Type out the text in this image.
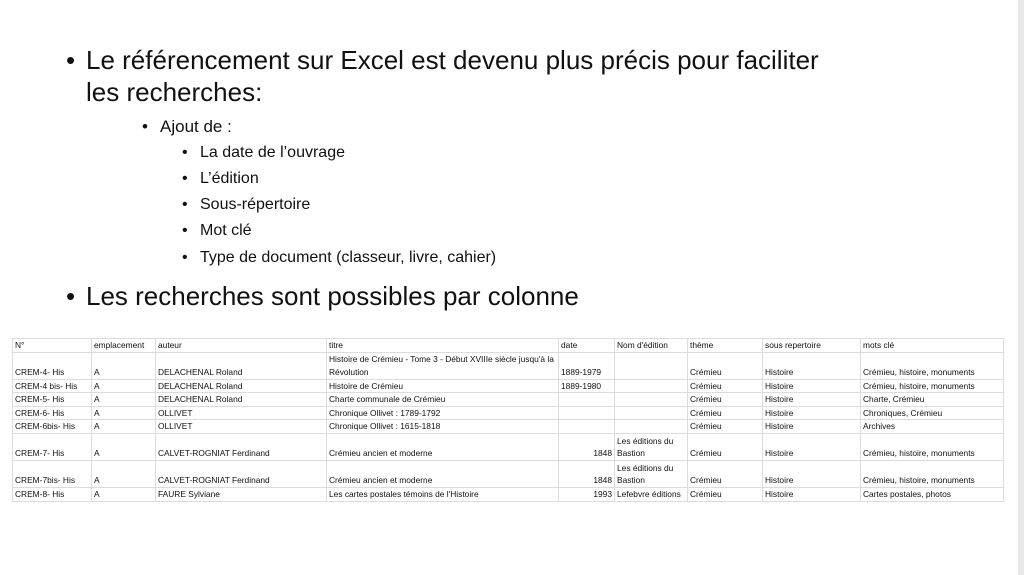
• Le référencement sur Excel est devenu plus précis pour faciliter
les recherches:
• Ajout de :
• La date de l’ouvrage
• L’édition
• Sous-répertoire
• Mot clé
• Type de document (classeur, livre, cahier)
• Les recherches sont possibles par colonne
N°	emplacement	auteur	titre	date	Nom d'édition	thème	sous repertoire	mots clé
CREM-4- His	A	DELACHENAL Roland	Histoire de Crémieu - Tome 3 - Début XVIIIe siècle jusqu'à la Révolution	1889-1979		Crémieu	Histoire	Crémieu, histoire, monuments
CREM-4 bis- His	A	DELACHENAL Roland	Histoire de Crémieu	1889-1980		Crémieu	Histoire	Crémieu, histoire, monuments
CREM-5- His	A	DELACHENAL Roland	Charte communale de Crémieu			Crémieu	Histoire	Charte, Crémieu
CREM-6- His	A	OLLIVET	Chronique Ollivet : 1789-1792			Crémieu	Histoire	Chroniques, Crémieu
CREM-6bis- His	A	OLLIVET	Chronique Ollivet : 1615-1818			Crémieu	Histoire	Archives
CREM-7- His	A	CALVET-ROGNIAT Ferdinand	Crémieu ancien et moderne	1848	Les éditions du Bastion	Crémieu	Histoire	Crémieu, histoire, monuments
CREM-7bis- His	A	CALVET-ROGNIAT Ferdinand	Crémieu ancien et moderne	1848	Les éditions du Bastion	Crémieu	Histoire	Crémieu, histoire, monuments
CREM-8- His	A	FAURE Sylviane	Les cartes postales témoins de l'Histoire	1993	Lefebvre éditions	Crémieu	Histoire	Cartes postales, photos
